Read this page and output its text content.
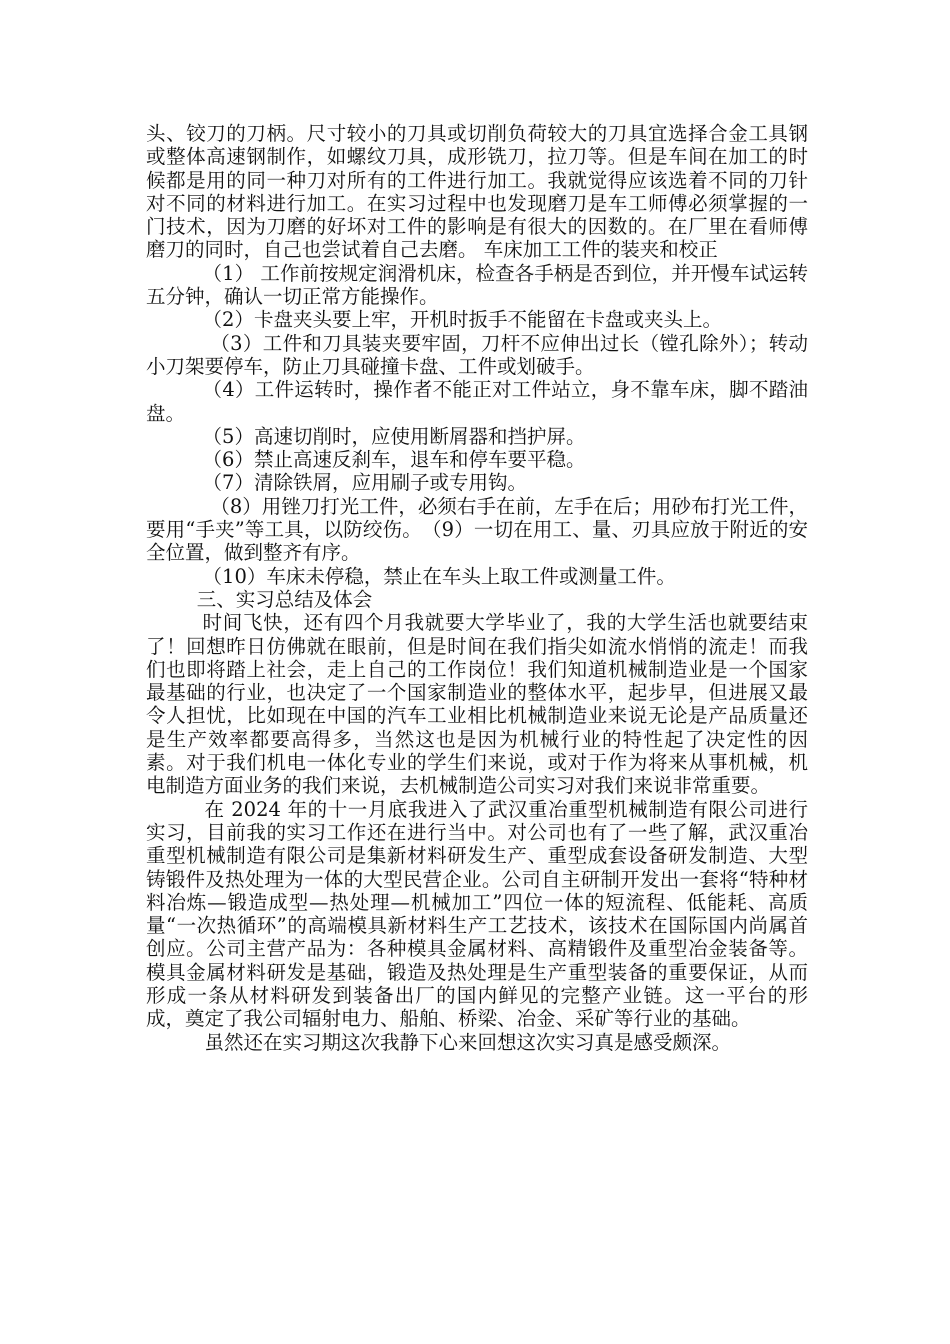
头、铰刀的刀柄。尺寸较小的刀具或切削负荷较大的刀具宜选择合金工具钢或整体高速钢制作，如螺纹刀具，成形铣刀，拉刀等。但是车间在加工的时候都是用的同一种刀对所有的工件进行加工。我就觉得应该选着不同的刀针对不同的材料进行加工。在实习过程中也发现磨刀是车工师傅必须掌握的一门技术，因为刀磨的好坏对工件的影响是有很大的因数的。在厂里在看师傅磨刀的同时，自己也尝试着自己去磨。 车床加工工件的装夹和校正

（1） 工作前按规定润滑机床，检查各手柄是否到位，并开慢车试运转五分钟，确认一切正常方能操作。

（2）卡盘夹头要上牢，开机时扳手不能留在卡盘或夹头上。

（3）工件和刀具装夹要牢固，刀杆不应伸出过长（镗孔除外）；转动小刀架要停车，防止刀具碰撞卡盘、工件或划破手。

（4）工件运转时，操作者不能正对工件站立，身不靠车床，脚不踏油盘。

（5）高速切削时，应使用断屑器和挡护屏。

（6）禁止高速反刹车，退车和停车要平稳。

（7）清除铁屑，应用刷子或专用钩。

（8）用锉刀打光工件，必须右手在前，左手在后；用砂布打光工件，要用“手夹”等工具，以防绞伤。　（9）一切在用工、量、刃具应放于附近的安全位置，做到整齐有序。

（10）车床未停稳，禁止在车头上取工件或测量工件。

三、实习总结及体会

时间飞快，还有四个月我就要大学毕业了，我的大学生活也就要结束了！回想昨日仿佛就在眼前，但是时间在我们指尖如流水悄悄的流走！而我们也即将踏上社会，走上自己的工作岗位！我们知道机械制造业是一个国家最基础的行业，也决定了一个国家制造业的整体水平，起步早，但进展又最令人担忧，比如现在中国的汽车工业相比机械制造业来说无论是产品质量还是生产效率都要高得多，当然这也是因为机械行业的特性起了决定性的因素。对于我们机电一体化专业的学生们来说，或对于作为将来从事机械，机电制造方面业务的我们来说，去机械制造公司实习对我们来说非常重要。

在 2024 年的十一月底我进入了武汉重冶重型机械制造有限公司进行实习，目前我的实习工作还在进行当中。对公司也有了一些了解，武汉重冶重型机械制造有限公司是集新材料研发生产、重型成套设备研发制造、大型铸锻件及热处理为一体的大型民营企业。公司自主研制开发出一套将“特种材料冶炼—锻造成型—热处理—机械加工”四位一体的短流程、低能耗、高质量“一次热循环”的高端模具新材料生产工艺技术，该技术在国际国内尚属首创应。公司主营产品为：各种模具金属材料、高精锻件及重型冶金装备等。模具金属材料研发是基础，锻造及热处理是生产重型装备的重要保证，从而形成一条从材料研发到装备出厂的国内鲜见的完整产业链。这一平台的形成，奠定了我公司辐射电力、船舶、桥梁、冶金、采矿等行业的基础。

虽然还在实习期这次我静下心来回想这次实习真是感受颇深。
